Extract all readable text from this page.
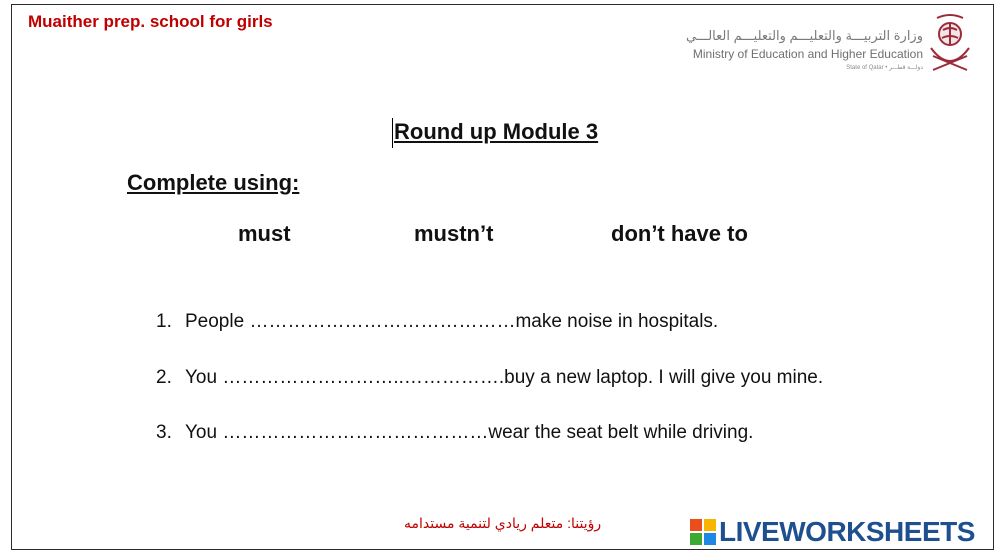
Muaither prep. school for girls
وزارة التربيـــة والتعليـــم والتعليـــم العالـــي
Ministry of Education and Higher Education
State of Qatar • دولـــة قطـــر
Round up Module 3
Complete using:
must	mustn’t	don’t have to
1. People ……………………………………make noise in hospitals.
2. You ………………………..…………….buy a new laptop. I will give you mine.
3. You ……………………………………wear the seat belt while driving.
رؤيتنا: متعلم ريادي لتنمية مستدامه	LIVEWORKSHEETS
